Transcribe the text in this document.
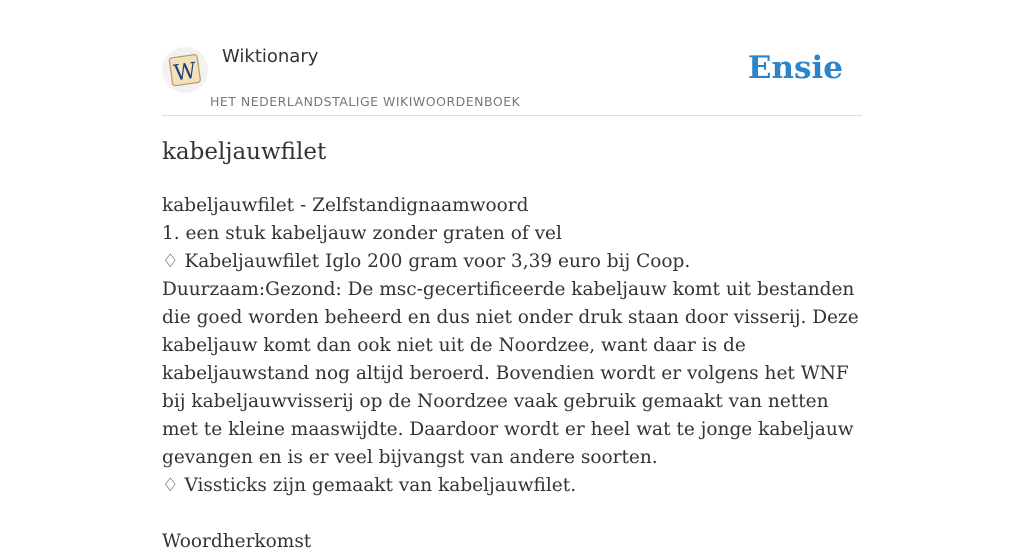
W
Wiktionary
HET NEDERLANDSTALIGE WIKIWOORDENBOEK
Ensie
kabeljauwfilet

kabeljauwfilet - Zelfstandignaamwoord

1. een stuk kabeljauw zonder graten of vel

♢ Kabeljauwfilet Iglo 200 gram voor 3,39 euro bij Coop. Duurzaam:Gezond: De msc-gecertificeerde kabeljauw komt uit bestanden die goed worden beheerd en dus niet onder druk staan door visserij. Deze kabeljauw komt dan ook niet uit de Noordzee, want daar is de kabeljauwstand nog altijd beroerd. Bovendien wordt er volgens het WNF bij kabeljauwvisserij op de Noordzee vaak gebruik gemaakt van netten met te kleine maaswijdte. Daardoor wordt er heel wat te jonge kabeljauw gevangen en is er veel bijvangst van andere soorten.

♢ Vissticks zijn gemaakt van kabeljauwfilet.

Woordherkomst
